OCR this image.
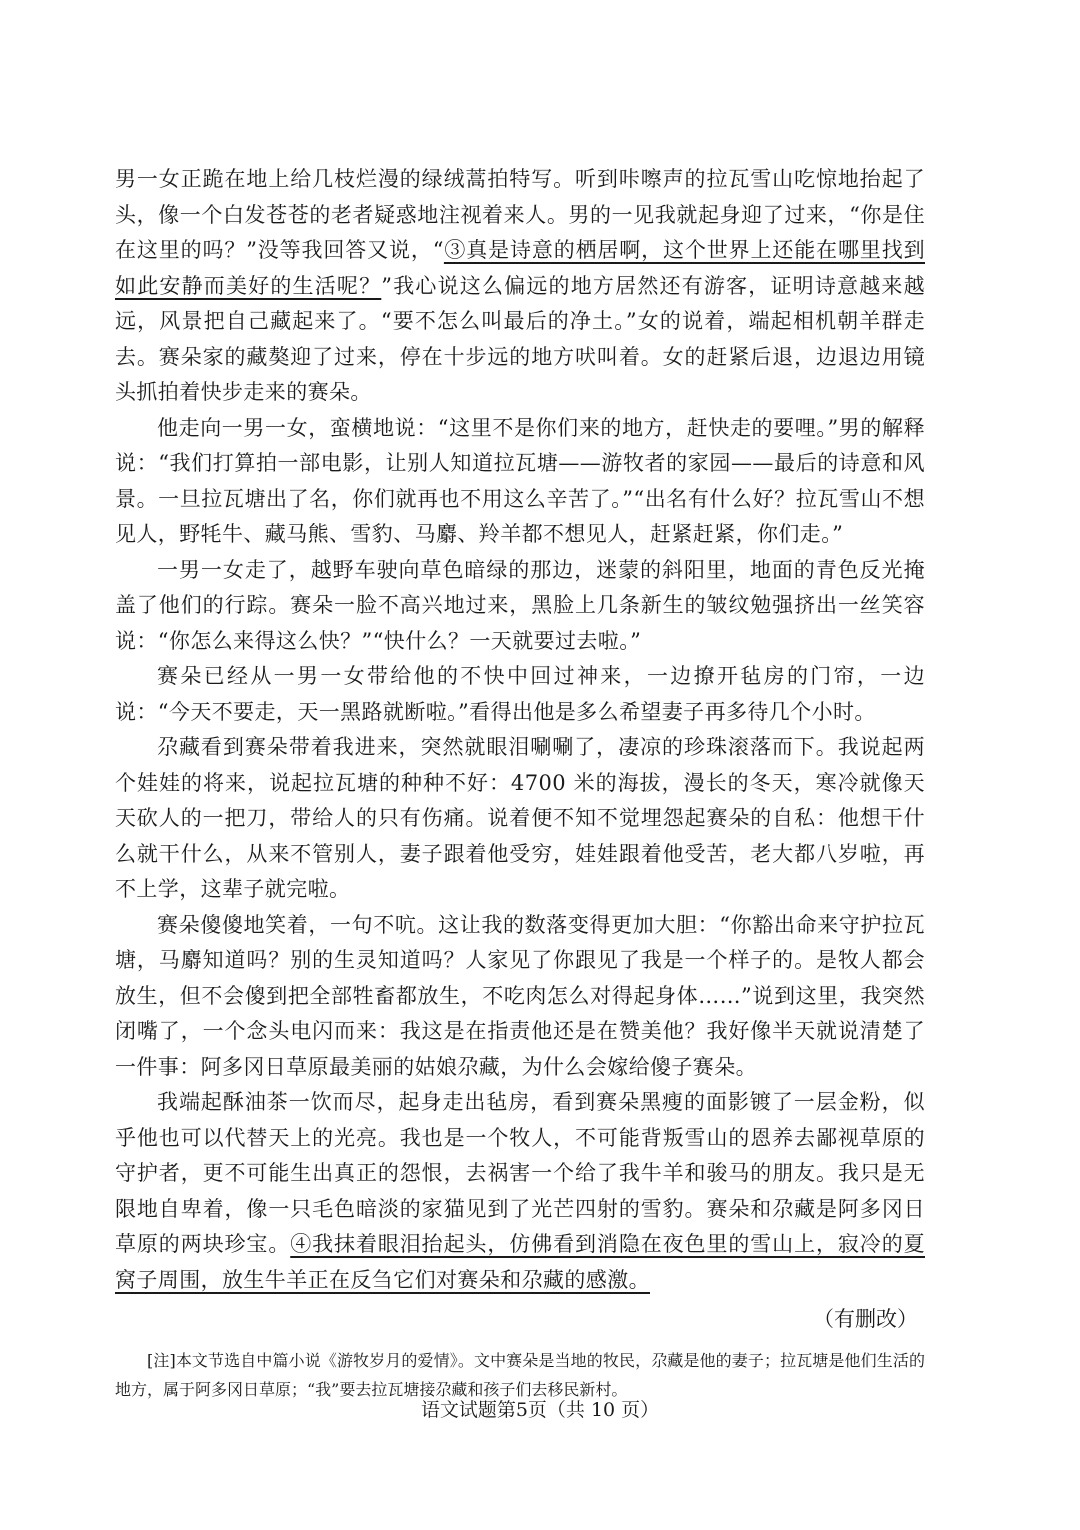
男一女正跪在地上给几枝烂漫的绿绒蒿拍特写。听到咔嚓声的拉瓦雪山吃惊地抬起了头，像一个白发苍苍的老者疑惑地注视着来人。男的一见我就起身迎了过来，“你是住在这里的吗？”没等我回答又说，“③真是诗意的栖居啊，这个世界上还能在哪里找到如此安静而美好的生活呢？”我心说这么偏远的地方居然还有游客，证明诗意越来越远，风景把自己藏起来了。“要不怎么叫最后的净土。”女的说着，端起相机朝羊群走去。赛朵家的藏獒迎了过来，停在十步远的地方吠叫着。女的赶紧后退，边退边用镜头抓拍着快步走来的赛朵。

他走向一男一女，蛮横地说：“这里不是你们来的地方，赶快走的要哩。”男的解释说：“我们打算拍一部电影，让别人知道拉瓦塘——游牧者的家园——最后的诗意和风景。一旦拉瓦塘出了名，你们就再也不用这么辛苦了。”“出名有什么好？拉瓦雪山不想见人，野牦牛、藏马熊、雪豹、马麝、羚羊都不想见人，赶紧赶紧，你们走。”

一男一女走了，越野车驶向草色暗绿的那边，迷蒙的斜阳里，地面的青色反光掩盖了他们的行踪。赛朵一脸不高兴地过来，黑脸上几条新生的皱纹勉强挤出一丝笑容说：“你怎么来得这么快？”“快什么？一天就要过去啦。”

赛朵已经从一男一女带给他的不快中回过神来，一边撩开毡房的门帘，一边说：“今天不要走，天一黑路就断啦。”看得出他是多么希望妻子再多待几个小时。

尕藏看到赛朵带着我进来，突然就眼泪唰唰了，凄凉的珍珠滚落而下。我说起两个娃娃的将来，说起拉瓦塘的种种不好：4700 米的海拔，漫长的冬天，寒冷就像天天砍人的一把刀，带给人的只有伤痛。说着便不知不觉埋怨起赛朵的自私：他想干什么就干什么，从来不管别人，妻子跟着他受穷，娃娃跟着他受苦，老大都八岁啦，再不上学，这辈子就完啦。

赛朵傻傻地笑着，一句不吭。这让我的数落变得更加大胆：“你豁出命来守护拉瓦塘，马麝知道吗？别的生灵知道吗？人家见了你跟见了我是一个样子的。是牧人都会放生，但不会傻到把全部牲畜都放生，不吃肉怎么对得起身体……”说到这里，我突然闭嘴了，一个念头电闪而来：我这是在指责他还是在赞美他？我好像半天就说清楚了一件事：阿多冈日草原最美丽的姑娘尕藏，为什么会嫁给傻子赛朵。

我端起酥油茶一饮而尽，起身走出毡房，看到赛朵黑瘦的面影镀了一层金粉，似乎他也可以代替天上的光亮。我也是一个牧人，不可能背叛雪山的恩养去鄙视草原的守护者，更不可能生出真正的怨恨，去祸害一个给了我牛羊和骏马的朋友。我只是无限地自卑着，像一只毛色暗淡的家猫见到了光芒四射的雪豹。赛朵和尕藏是阿多冈日草原的两块珍宝。④我抹着眼泪抬起头，仿佛看到消隐在夜色里的雪山上，寂冷的夏窝子周围，放生牛羊正在反刍它们对赛朵和尕藏的感激。

（有删改）
[注]本文节选自中篇小说《游牧岁月的爱情》。文中赛朵是当地的牧民，尕藏是他的妻子；拉瓦塘是他们生活的地方，属于阿多冈日草原；“我”要去拉瓦塘接尕藏和孩子们去移民新村。
语文试题第5页（共 10 页）
